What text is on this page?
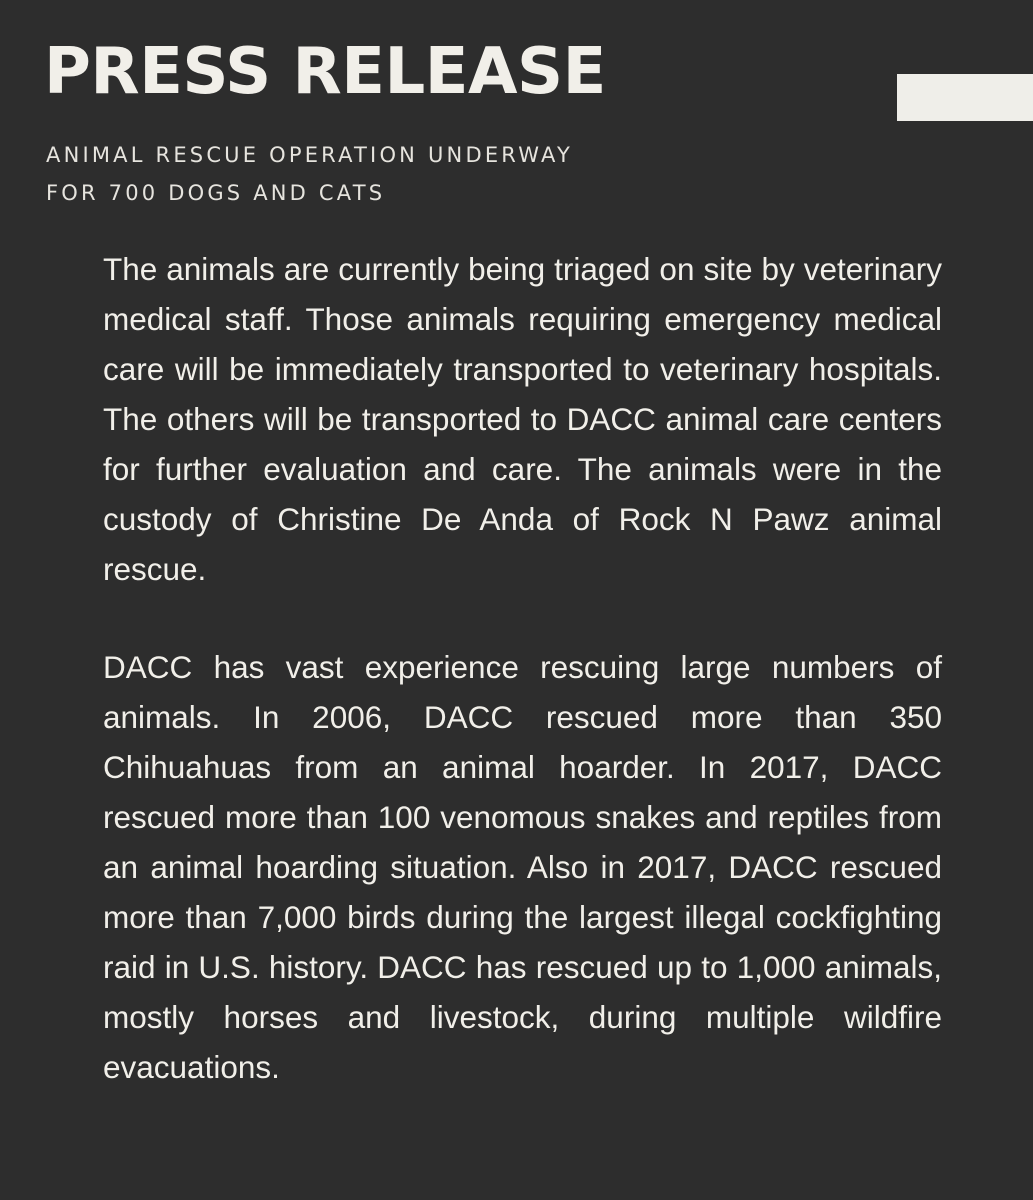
PRESS RELEASE
ANIMAL RESCUE OPERATION UNDERWAY
FOR 700 DOGS AND CATS

The animals are currently being triaged on site by veterinary medical staff. Those animals requiring emergency medical care will be immediately transported to veterinary hospitals. The others will be transported to DACC animal care centers for further evaluation and care. The animals were in the custody of Christine De Anda of Rock N Pawz animal rescue.

DACC has vast experience rescuing large numbers of animals. In 2006, DACC rescued more than 350 Chihuahuas from an animal hoarder. In 2017, DACC rescued more than 100 venomous snakes and reptiles from an animal hoarding situation. Also in 2017, DACC rescued more than 7,000 birds during the largest illegal cockfighting raid in U.S. history. DACC has rescued up to 1,000 animals, mostly horses and livestock, during multiple wildfire evacuations.
